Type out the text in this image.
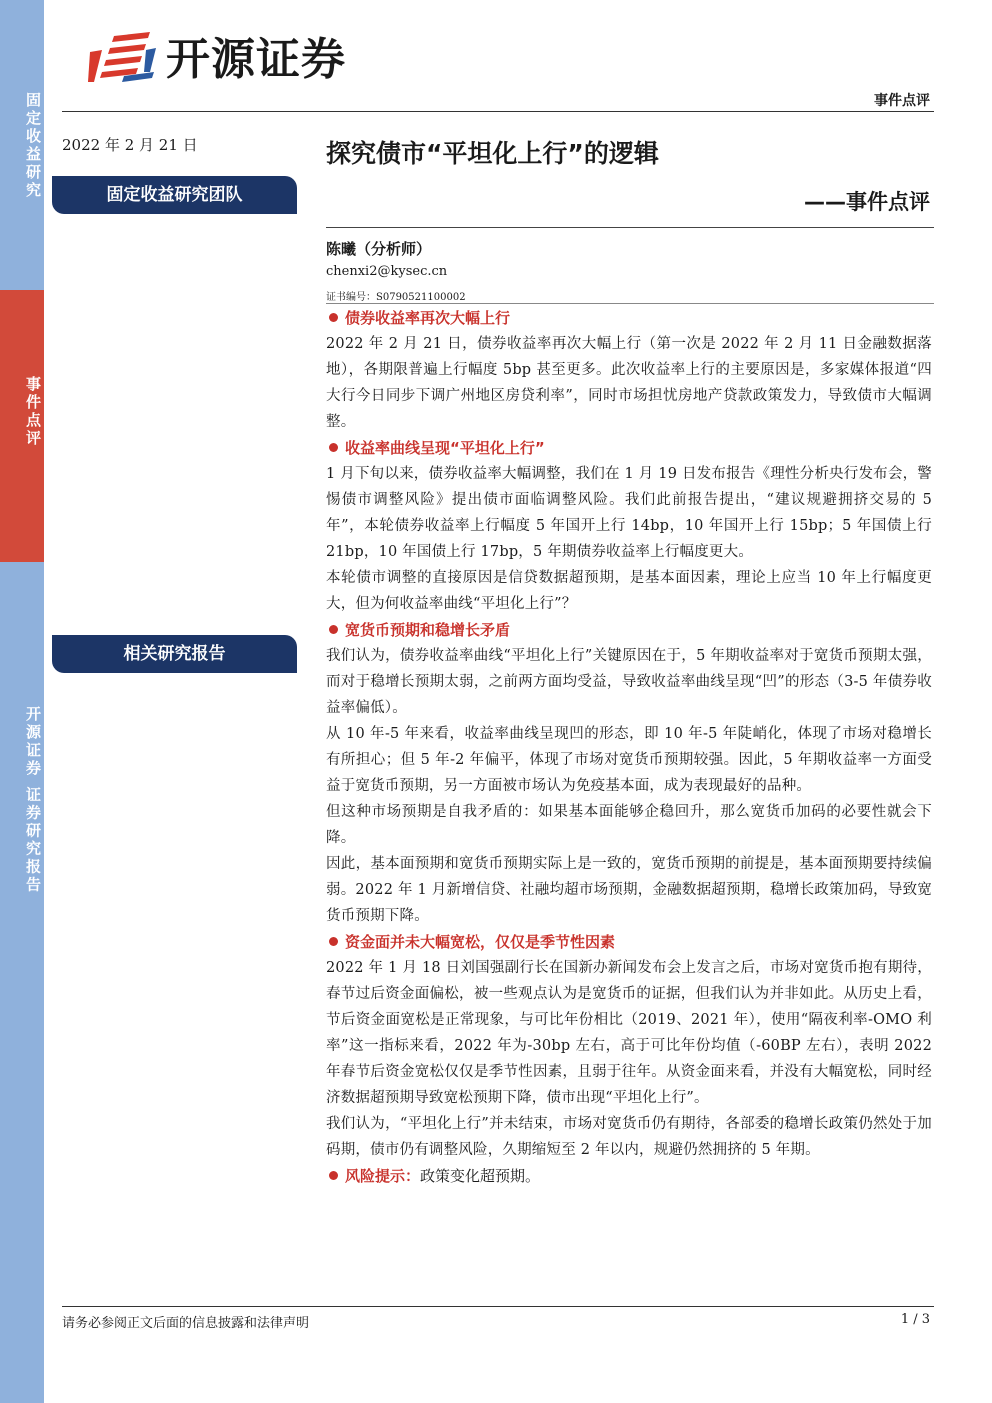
固定收益研究
事件点评
开源证券 证券研究报告
开源证券
事件点评
2022 年 2 月 21 日
固定收益研究团队
相关研究报告
探究债市“平坦化上行”的逻辑
——事件点评
陈曦（分析师）
chenxi2@kysec.cn
证书编号：S0790521100002

债券收益率再次大幅上行

2022 年 2 月 21 日，债券收益率再次大幅上行（第一次是 2022 年 2 月 11 日金融数据落地），各期限普遍上行幅度 5bp 甚至更多。此次收益率上行的主要原因是，多家媒体报道“四大行今日同步下调广州地区房贷利率”，同时市场担忧房地产贷款政策发力，导致债市大幅调整。

收益率曲线呈现“平坦化上行”

1 月下旬以来，债券收益率大幅调整，我们在 1 月 19 日发布报告《理性分析央行发布会，警惕债市调整风险》提出债市面临调整风险。我们此前报告提出，“建议规避拥挤交易的 5 年”，本轮债券收益率上行幅度 5 年国开上行 14bp，10 年国开上行 15bp；5 年国债上行 21bp，10 年国债上行 17bp，5 年期债券收益率上行幅度更大。

本轮债市调整的直接原因是信贷数据超预期，是基本面因素，理论上应当 10 年上行幅度更大，但为何收益率曲线“平坦化上行”？

宽货币预期和稳增长矛盾

我们认为，债券收益率曲线“平坦化上行”关键原因在于，5 年期收益率对于宽货币预期太强，而对于稳增长预期太弱，之前两方面均受益，导致收益率曲线呈现“凹”的形态（3-5 年债券收益率偏低）。

从 10 年-5 年来看，收益率曲线呈现凹的形态，即 10 年-5 年陡峭化，体现了市场对稳增长有所担心；但 5 年-2 年偏平，体现了市场对宽货币预期较强。因此，5 年期收益率一方面受益于宽货币预期，另一方面被市场认为免疫基本面，成为表现最好的品种。

但这种市场预期是自我矛盾的：如果基本面能够企稳回升，那么宽货币加码的必要性就会下降。

因此，基本面预期和宽货币预期实际上是一致的，宽货币预期的前提是，基本面预期要持续偏弱。2022 年 1 月新增信贷、社融均超市场预期，金融数据超预期，稳增长政策加码，导致宽货币预期下降。

资金面并未大幅宽松，仅仅是季节性因素

2022 年 1 月 18 日刘国强副行长在国新办新闻发布会上发言之后，市场对宽货币抱有期待，春节过后资金面偏松，被一些观点认为是宽货币的证据，但我们认为并非如此。从历史上看，节后资金面宽松是正常现象，与可比年份相比（2019、2021 年），使用“隔夜利率-OMO 利率”这一指标来看，2022 年为-30bp 左右，高于可比年份均值（-60BP 左右），表明 2022 年春节后资金宽松仅仅是季节性因素，且弱于往年。从资金面来看，并没有大幅宽松，同时经济数据超预期导致宽松预期下降，债市出现“平坦化上行”。

我们认为，“平坦化上行”并未结束，市场对宽货币仍有期待，各部委的稳增长政策仍然处于加码期，债市仍有调整风险，久期缩短至 2 年以内，规避仍然拥挤的 5 年期。

风险提示：政策变化超预期。

请务必参阅正文后面的信息披露和法律声明	1 / 3
